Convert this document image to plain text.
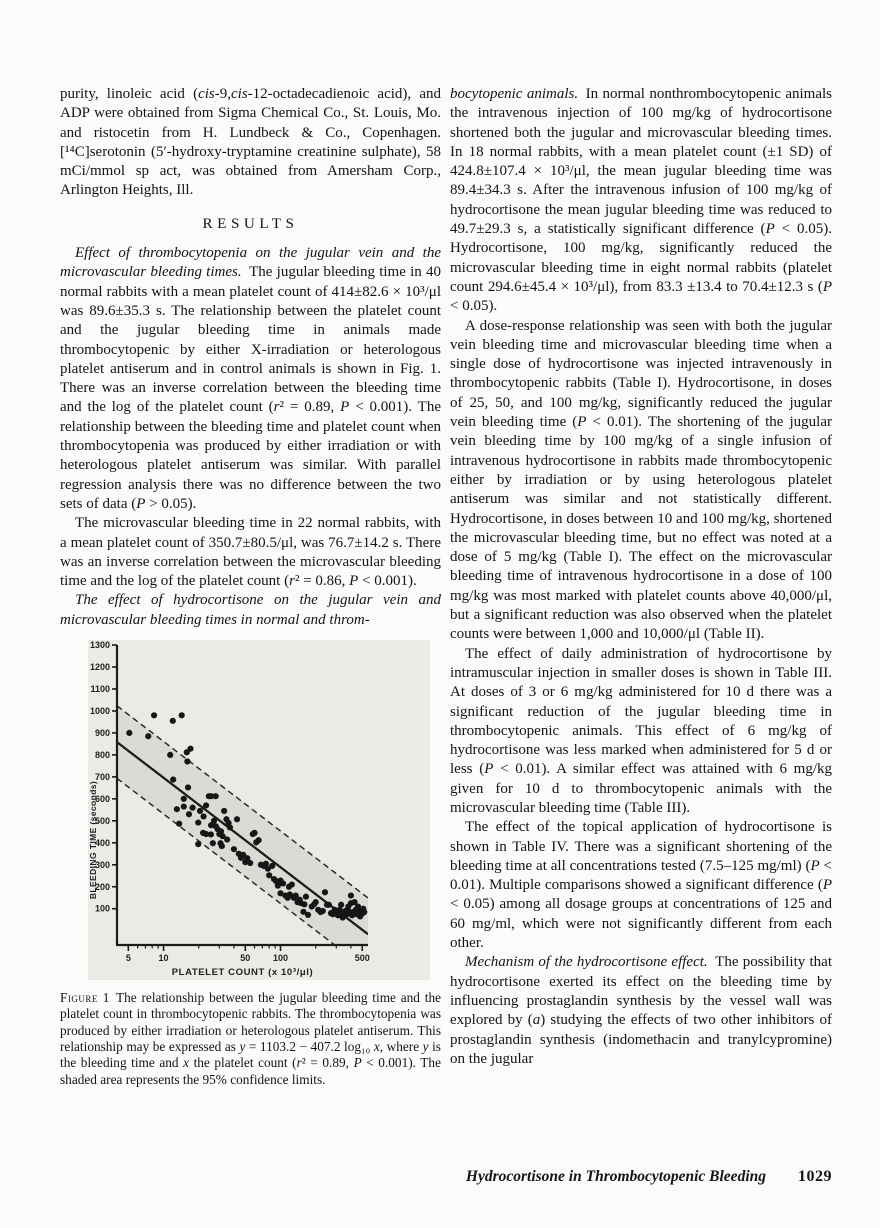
purity, linoleic acid (cis-9,cis-12-octadecadienoic acid), and ADP were obtained from Sigma Chemical Co., St. Louis, Mo. and ristocetin from H. Lundbeck & Co., Copenhagen. [¹⁴C]serotonin (5′-hydroxy-tryptamine creatinine sulphate), 58 mCi/mmol sp act, was obtained from Amersham Corp., Arlington Heights, Ill.

RESULTS

Effect of thrombocytopenia on the jugular vein and the microvascular bleeding times. The jugular bleeding time in 40 normal rabbits with a mean platelet count of 414±82.6 × 10³/μl was 89.6±35.3 s. The relationship between the platelet count and the jugular bleeding time in animals made thrombocytopenic by either X-irradiation or heterologous platelet antiserum and in control animals is shown in Fig. 1. There was an inverse correlation between the bleeding time and the log of the platelet count (r² = 0.89, P < 0.001). The relationship between the bleeding time and platelet count when thrombocytopenia was produced by either irradiation or with heterologous platelet antiserum was similar. With parallel regression analysis there was no difference between the two sets of data (P > 0.05).

The microvascular bleeding time in 22 normal rabbits, with a mean platelet count of 350.7±80.5/μl, was 76.7±14.2 s. There was an inverse correlation between the microvascular bleeding time and the log of the platelet count (r² = 0.86, P < 0.001).

The effect of hydrocortisone on the jugular vein and microvascular bleeding times in normal and throm-

100
200
300
400
500
600
700
800
900
1000
1100
1200
1300
5	10	50	100	500
PLATELET COUNT (x 10³/μl)
BLEEDING TIME (seconds)

Figure 1 The relationship between the jugular bleeding time and the platelet count in thrombocytopenic rabbits. The thrombocytopenia was produced by either irradiation or heterologous platelet antiserum. This relationship may be expressed as y = 1103.2 − 407.2 log₁₀ x, where y is the bleeding time and x the platelet count (r² = 0.89, P < 0.001). The shaded area represents the 95% confidence limits.

bocytopenic animals. In normal nonthrombocytopenic animals the intravenous injection of 100 mg/kg of hydrocortisone shortened both the jugular and microvascular bleeding times. In 18 normal rabbits, with a mean platelet count (±1 SD) of 424.8±107.4 × 10³/μl, the mean jugular bleeding time was 89.4±34.3 s. After the intravenous infusion of 100 mg/kg of hydrocortisone the mean jugular bleeding time was reduced to 49.7±29.3 s, a statistically significant difference (P < 0.05). Hydrocortisone, 100 mg/kg, significantly reduced the microvascular bleeding time in eight normal rabbits (platelet count 294.6±45.4 × 10³/μl), from 83.3 ±13.4 to 70.4±12.3 s (P < 0.05).

A dose-response relationship was seen with both the jugular vein bleeding time and microvascular bleeding time when a single dose of hydrocortisone was injected intravenously in thrombocytopenic rabbits (Table I). Hydrocortisone, in doses of 25, 50, and 100 mg/kg, significantly reduced the jugular vein bleeding time (P < 0.01). The shortening of the jugular vein bleeding time by 100 mg/kg of a single infusion of intravenous hydrocortisone in rabbits made thrombocytopenic either by irradiation or by using heterologous platelet antiserum was similar and not statistically different. Hydrocortisone, in doses between 10 and 100 mg/kg, shortened the microvascular bleeding time, but no effect was noted at a dose of 5 mg/kg (Table I). The effect on the microvascular bleeding time of intravenous hydrocortisone in a dose of 100 mg/kg was most marked with platelet counts above 40,000/μl, but a significant reduction was also observed when the platelet counts were between 1,000 and 10,000/μl (Table II).

The effect of daily administration of hydrocortisone by intramuscular injection in smaller doses is shown in Table III. At doses of 3 or 6 mg/kg administered for 10 d there was a significant reduction of the jugular bleeding time in thrombocytopenic animals. This effect of 6 mg/kg of hydrocortisone was less marked when administered for 5 d or less (P < 0.01). A similar effect was attained with 6 mg/kg given for 10 d to thrombocytopenic animals with the microvascular bleeding time (Table III).

The effect of the topical application of hydrocortisone is shown in Table IV. There was a significant shortening of the bleeding time at all concentrations tested (7.5–125 mg/ml) (P < 0.01). Multiple comparisons showed a significant difference (P < 0.05) among all dosage groups at concentrations of 125 and 60 mg/ml, which were not significantly different from each other.

Mechanism of the hydrocortisone effect. The possibility that hydrocortisone exerted its effect on the bleeding time by influencing prostaglandin synthesis by the vessel wall was explored by (a) studying the effects of two other inhibitors of prostaglandin synthesis (indomethacin and tranylcypromine) on the jugular

Hydrocortisone in Thrombocytopenic Bleeding 1029
